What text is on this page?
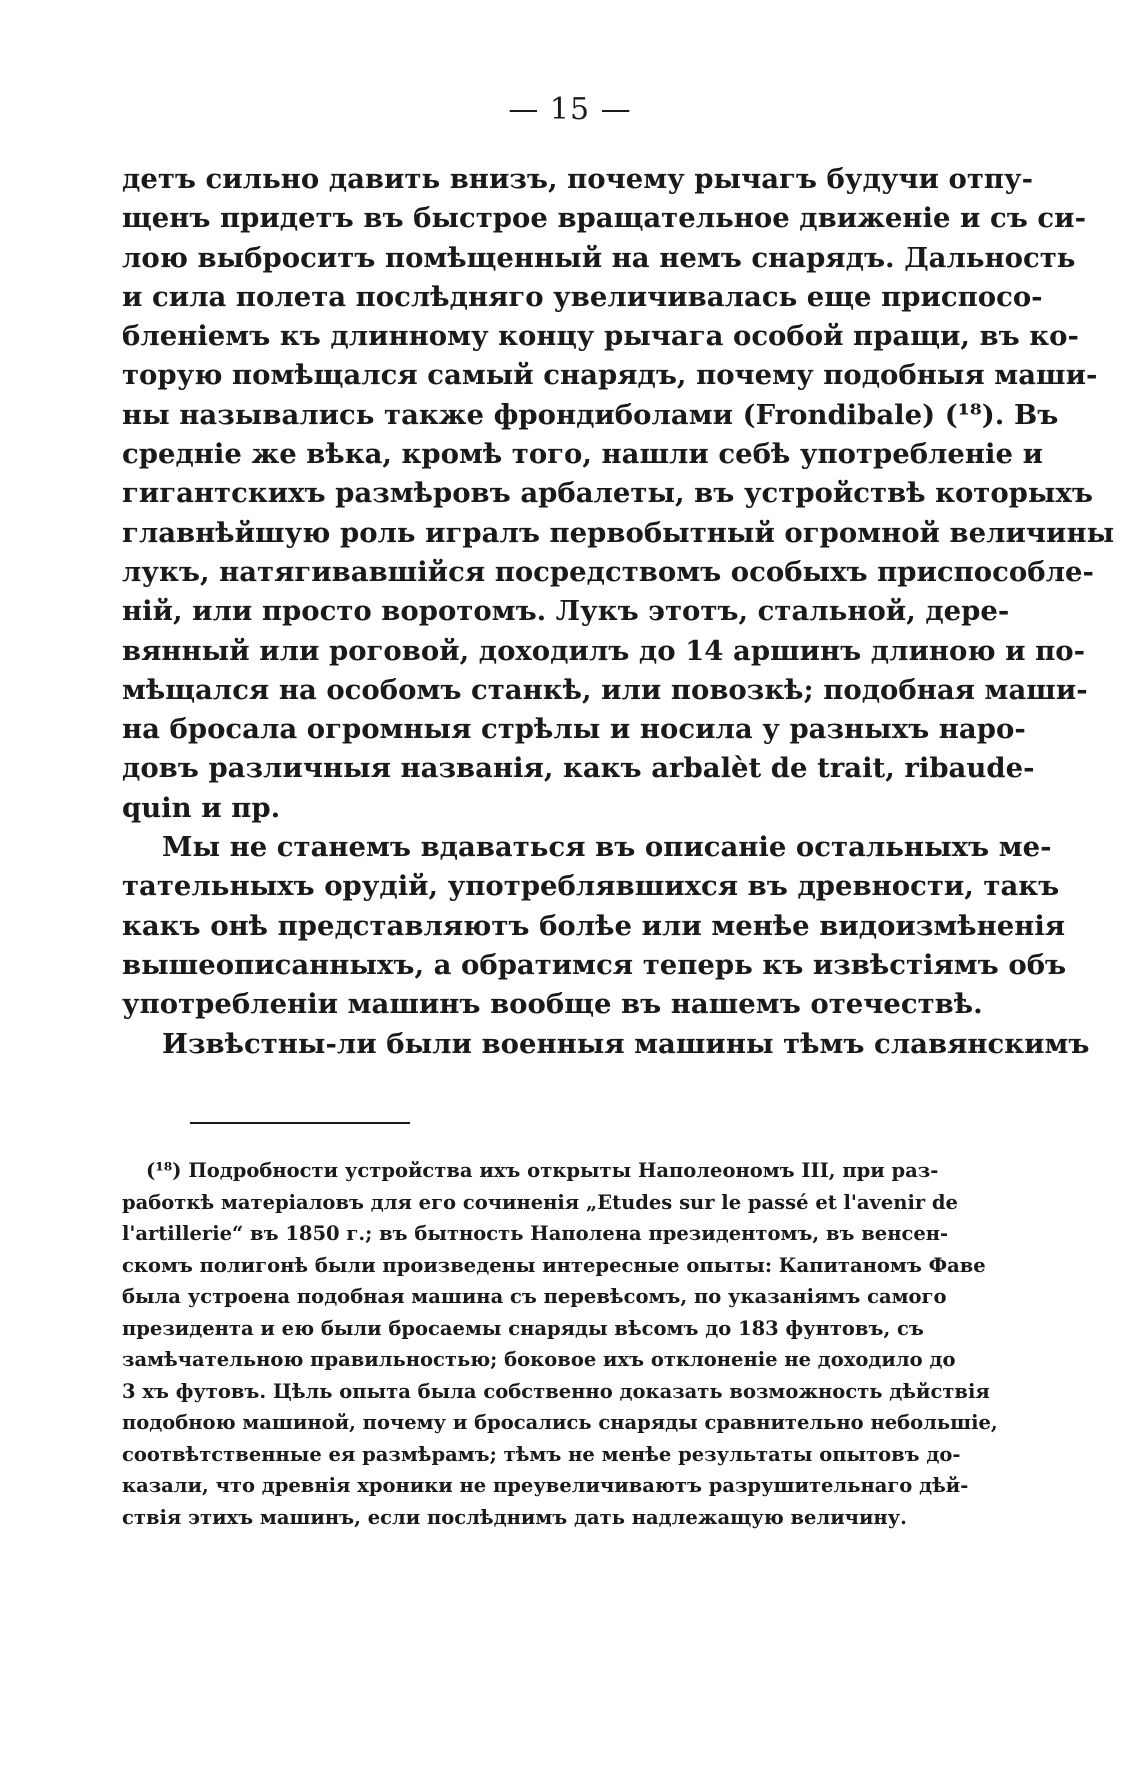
— 15 —
детъ сильно давить внизъ, почему рычагъ будучи отпу-
щенъ придетъ въ быстрое вращательное движеніе и съ си-
лою выброситъ помѣщенный на немъ снарядъ. Дальность
и сила полета послѣдняго увеличивалась еще приспосо-
бленіемъ къ длинному концу рычага особой пращи, въ ко-
торую помѣщался самый снарядъ, почему подобныя маши-
ны назывались также фрондиболами (Frondibale) (¹⁸). Въ
средніе же вѣка, кромѣ того, нашли себѣ употребленіе и
гигантскихъ размѣровъ арбалеты, въ устройствѣ которыхъ
главнѣйшую роль игралъ первобытный огромной величины
лукъ, натягивавшійся посредствомъ особыхъ приспособле-
ній, или просто воротомъ. Лукъ этотъ, стальной, дере-
вянный или роговой, доходилъ до 14 аршинъ длиною и по-
мѣщался на особомъ станкѣ, или повозкѣ; подобная маши-
на бросала огромныя стрѣлы и носила у разныхъ наро-
довъ различныя названія, какъ arbalèt de trait, ribaude-
quin и пр.
Мы не станемъ вдаваться въ описаніе остальныхъ ме-
тательныхъ орудій, употреблявшихся въ древности, такъ
какъ онѣ представляютъ болѣе или менѣе видоизмѣненія
вышеописанныхъ, а обратимся теперь къ извѣстіямъ объ
употребленіи машинъ вообще въ нашемъ отечествѣ.
Извѣстны-ли были военныя машины тѣмъ славянскимъ
(¹⁸) Подробности устройства ихъ открыты Наполеономъ III, при раз-
работкѣ матеріаловъ для его сочиненія „Etudes sur le passé et l'avenir de
l'artillerie“ въ 1850 г.; въ бытность Наполена президентомъ, въ венсен-
скомъ полигонѣ были произведены интересные опыты: Капитаномъ Фаве
была устроена подобная машина съ перевѣсомъ, по указаніямъ самого
президента и ею были бросаемы снаряды вѣсомъ до 183 фунтовъ, съ
замѣчательною правильностью; боковое ихъ отклоненіе не доходило до
3 хъ футовъ. Цѣль опыта была собственно доказать возможность дѣйствія
подобною машиной, почему и бросались снаряды сравнительно небольшіе,
соотвѣтственные ея размѣрамъ; тѣмъ не менѣе результаты опытовъ до-
казали, что древнія хроники не преувеличиваютъ разрушительнаго дѣй-
ствія этихъ машинъ, если послѣднимъ дать надлежащую величину.
